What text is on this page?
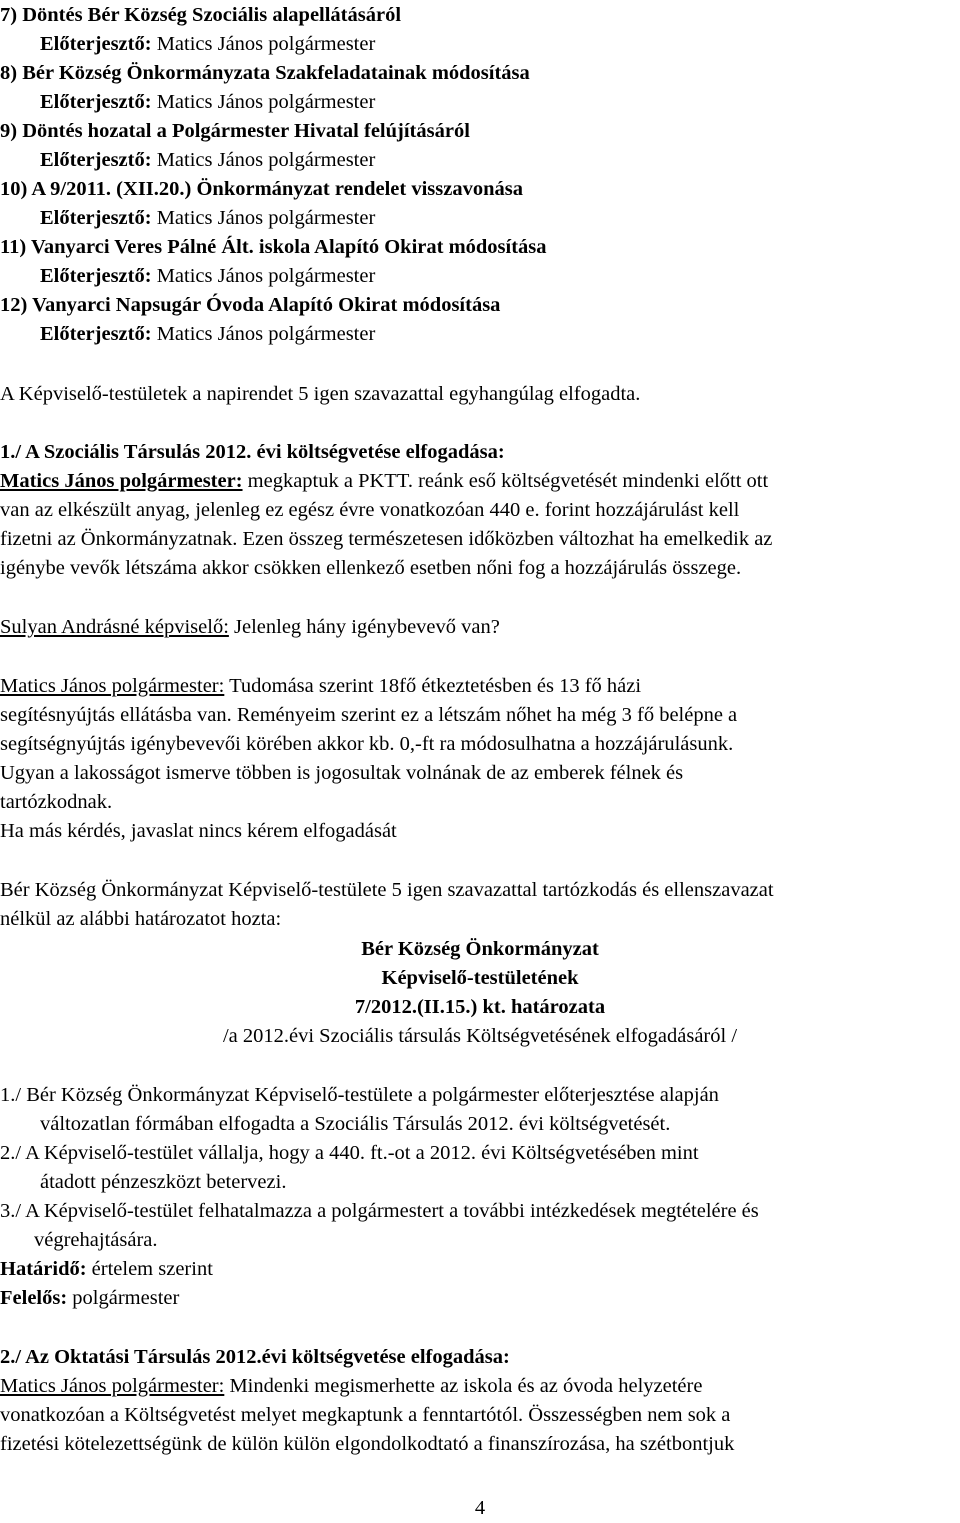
7) Döntés Bér Község Szociális alapellátásáról
Előterjesztő: Matics János polgármester
8) Bér Község Önkormányzata Szakfeladatainak módosítása
Előterjesztő: Matics János polgármester
9) Döntés hozatal a Polgármester Hivatal felújításáról
Előterjesztő: Matics János polgármester
10) A 9/2011. (XII.20.) Önkormányzat rendelet visszavonása
Előterjesztő: Matics János polgármester
11) Vanyarci Veres Pálné Ált. iskola Alapító Okirat módosítása
Előterjesztő: Matics János polgármester
12) Vanyarci Napsugár Óvoda Alapító Okirat módosítása
Előterjesztő: Matics János polgármester
A Képviselő-testületek a napirendet 5 igen szavazattal egyhangúlag elfogadta.
1./ A Szociális Társulás 2012. évi költségvetése elfogadása:
Matics János polgármester: megkaptuk a PKTT. reánk eső költségvetését mindenki előtt ott
van az elkészült anyag, jelenleg ez egész évre vonatkozóan 440 e. forint hozzájárulást kell
fizetni az Önkormányzatnak. Ezen összeg természetesen időközben változhat ha emelkedik az
igénybe vevők létszáma akkor csökken ellenkező esetben nőni fog a hozzájárulás összege.
Sulyan Andrásné képviselő: Jelenleg hány igénybevevő van?
Matics János polgármester: Tudomása szerint 18fő étkeztetésben és 13 fő házi
segítésnyújtás ellátásba van. Reményeim szerint ez a létszám nőhet ha még 3 fő belépne a
segítségnyújtás igénybevevői körében akkor kb. 0,-ft ra módosulhatna a hozzájárulásunk.
Ugyan a lakosságot ismerve többen is jogosultak volnának de az emberek félnek és
tartózkodnak.
Ha más kérdés, javaslat nincs kérem elfogadását
Bér Község Önkormányzat Képviselő-testülete 5 igen szavazattal tartózkodás és ellenszavazat
nélkül az alábbi határozatot hozta:
Bér Község Önkormányzat
Képviselő-testületének
7/2012.(II.15.) kt. határozata
/a 2012.évi Szociális társulás Költségvetésének elfogadásáról /
1./ Bér Község Önkormányzat Képviselő-testülete a polgármester előterjesztése alapján
változatlan fórmában elfogadta a Szociális Társulás 2012. évi költségvetését.
2./ A Képviselő-testület vállalja, hogy a 440. ft.-ot a 2012. évi Költségvetésében mint
átadott pénzeszközt betervezi.
3./ A Képviselő-testület felhatalmazza a polgármestert a további intézkedések megtételére és
végrehajtására.
Határidő: értelem szerint
Felelős: polgármester
2./ Az Oktatási Társulás 2012.évi költségvetése elfogadása:
Matics János polgármester: Mindenki megismerhette az iskola és az óvoda helyzetére
vonatkozóan a Költségvetést melyet megkaptunk a fenntartótól. Összességben nem sok a
fizetési kötelezettségünk de külön külön elgondolkodtató a finanszírozása, ha szétbontjuk
4
